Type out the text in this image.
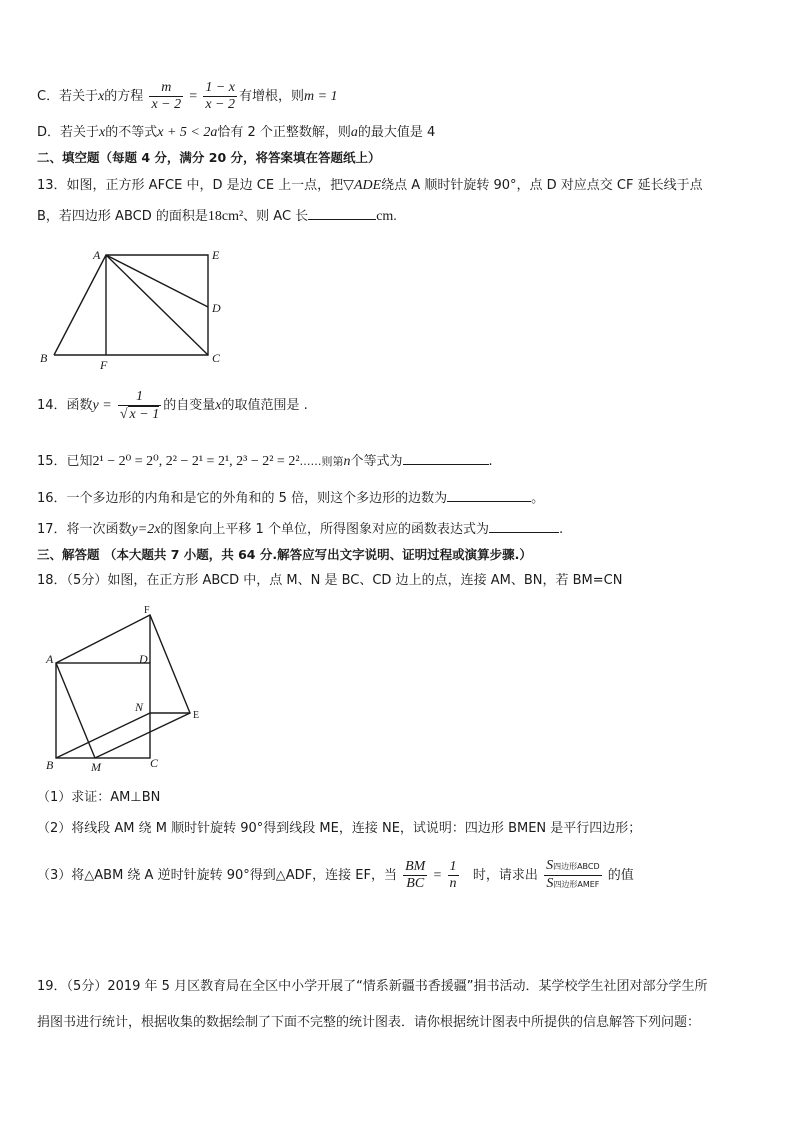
C．若关于x的方程 $\frac{m}{x - 2} = \frac{1 - x}{x - 2}$ 有增根，则m = 1
D．若关于x的不等式x + 5 < 2a恰有 2 个正整数解，则a的最大值是 4
二、填空题（每题 4 分，满分 20 分，将答案填在答题纸上）
13．如图，正方形 AFCE 中，D 是边 CE 上一点，把▽ADE绕点 A 顺时针旋转 90°，点 D 对应点交 CF 延长线于点
B，若四边形 ABCD 的面积是18cm²、则 AC 长	cm.
A	E
D
B	F	C
14．函数$y = \frac{1}{√ x - 1}$ 的自变量x的取值范围是 .
15．已知2¹ − 2⁰ = 2⁰, 2² − 2¹ = 2¹, 2³ − 2² = 2²……则第n个等式为	.
16．一个多边形的内角和是它的外角和的 5 倍，则这个多边形的边数为	。
17．将一次函数y=2x的图象向上平移 1 个单位，所得图象对应的函数表达式为	.
三、解答题 （本大题共 7 小题，共 64 分.解答应写出文字说明、证明过程或演算步骤.）
18．（5分）如图，在正方形 ABCD 中，点 M、N 是 BC、CD 边上的点，连接 AM、BN，若 BM=CN
F
A	D
N
E
B	M	C
（1）求证：AM⊥BN
（2）将线段 AM 绕 M 顺时针旋转 90°得到线段 ME，连接 NE，试说明：四边形 BMEN 是平行四边形；
（3）将△ABM 绕 A 逆时针旋转 90°得到△ADF，连接 EF，当 $\frac{BM}{BC} = \frac{1}{n}$ 时，请求出 $\frac{\text{S四边形ABCD}}{\text{S四边形AMEF}}$ 的值
19．（5分）2019 年 5 月区教育局在全区中小学开展了“情系新疆书香援疆”捐书活动．某学校学生社团对部分学生所
捐图书进行统计，根据收集的数据绘制了下面不完整的统计图表．请你根据统计图表中所提供的信息解答下列问题：
